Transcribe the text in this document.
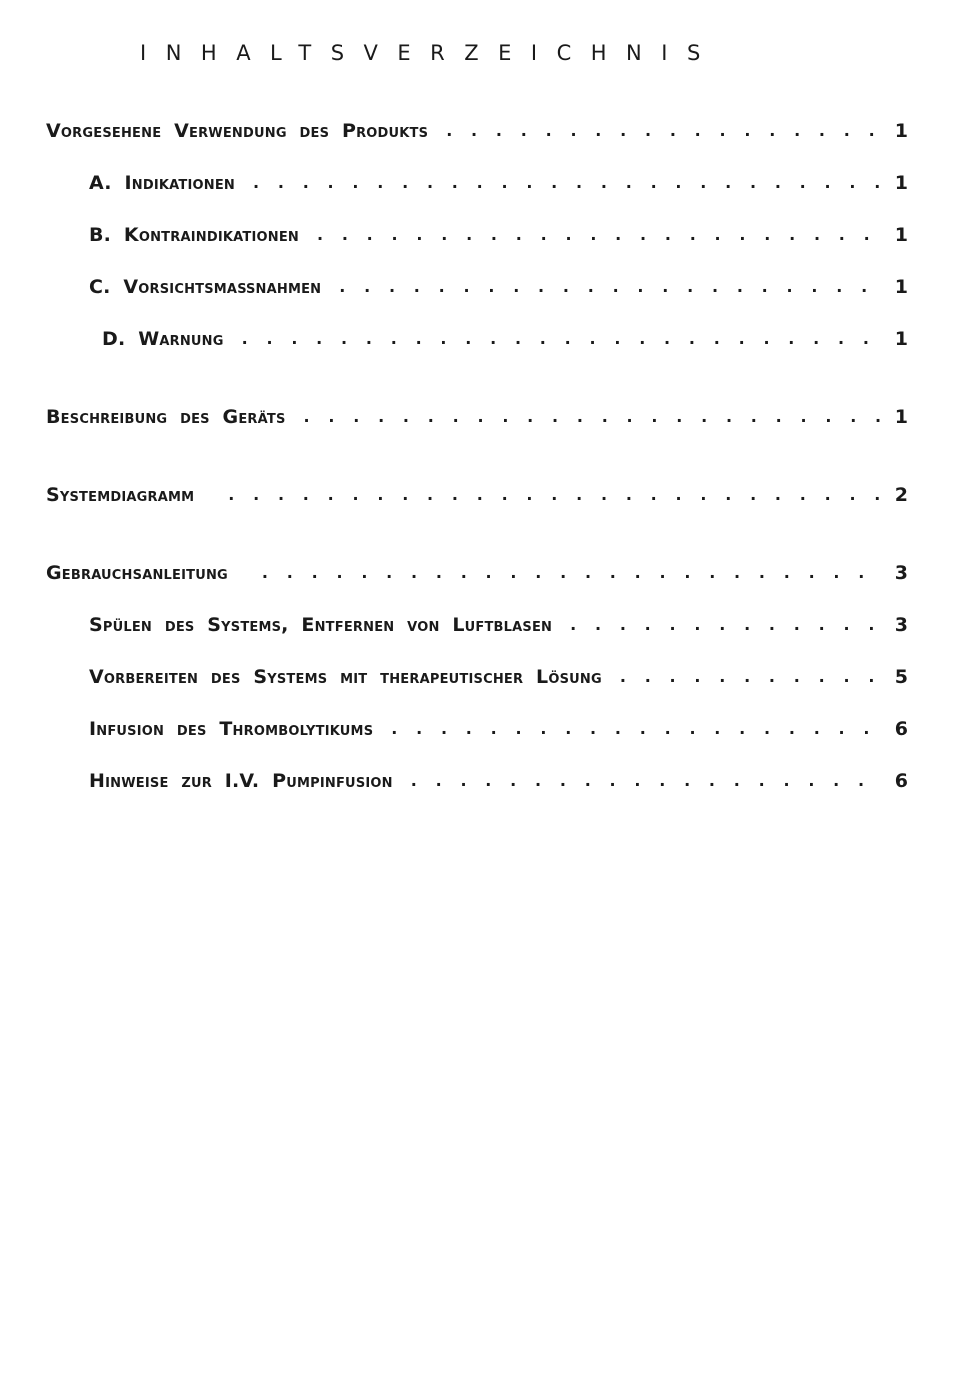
INHALTSVERZEICHNIS
Vorgesehene Verwendung des Produkts . . .	1
A. Indikationen . . .	1
B. Kontraindikationen . . .	1
C. Vorsichtsmaßnahmen . . .	1
D. Warnung . . .	1
Beschreibung des Geräts . . .	1
Systemdiagramm . . .	2
Gebrauchsanleitung . . .	3
Spülen des Systems, Entfernen von Luftblasen . . .	3
Vorbereiten des Systems mit therapeutischer Lösung . . .	5
Infusion des Thrombolytikums . . .	6
Hinweise zur I.V. Pumpinfusion . . .	6
